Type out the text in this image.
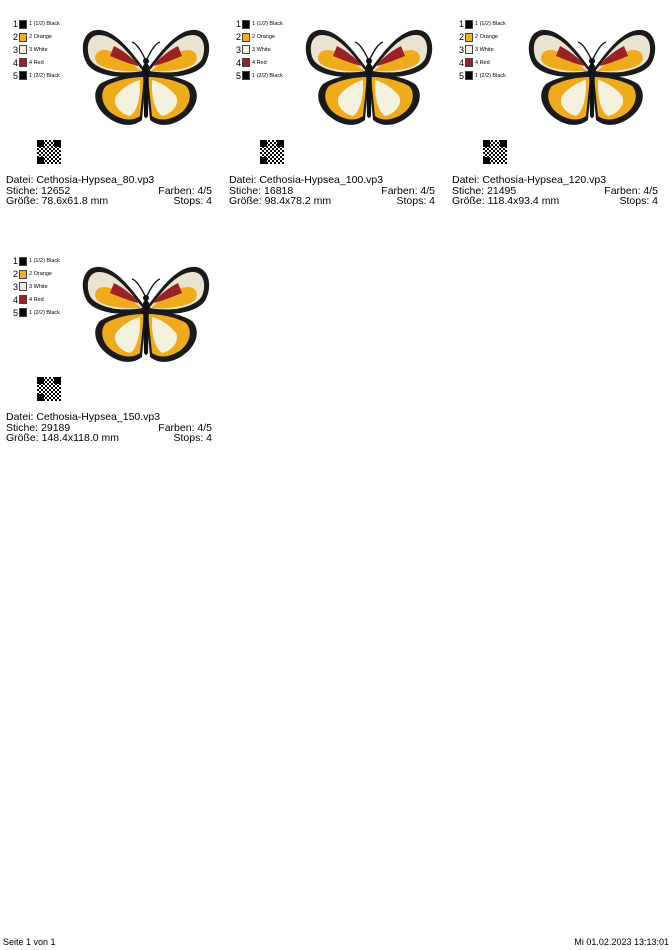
1 1 (1/2) Black
2 2 Orange
3 3 White
4 4 Red
5 1 (2/2) Black
Datei: Cethosia-Hypsea_80.vp3
Stiche: 12652	Farben: 4/5
Größe: 78.6x61.8 mm	Stops: 4
1 1 (1/2) Black
2 2 Orange
3 3 White
4 4 Red
5 1 (2/2) Black
Datei: Cethosia-Hypsea_100.vp3
Stiche: 16818	Farben: 4/5
Größe: 98.4x78.2 mm	Stops: 4
1 1 (1/2) Black
2 2 Orange
3 3 White
4 4 Red
5 1 (2/2) Black
Datei: Cethosia-Hypsea_120.vp3
Stiche: 21495	Farben: 4/5
Größe: 118.4x93.4 mm	Stops: 4
1 1 (1/2) Black
2 2 Orange
3 3 White
4 4 Red
5 1 (2/2) Black
Datei: Cethosia-Hypsea_150.vp3
Stiche: 29189	Farben: 4/5
Größe: 148.4x118.0 mm	Stops: 4
Seite 1 von 1	Mi 01.02.2023 13:13:01
